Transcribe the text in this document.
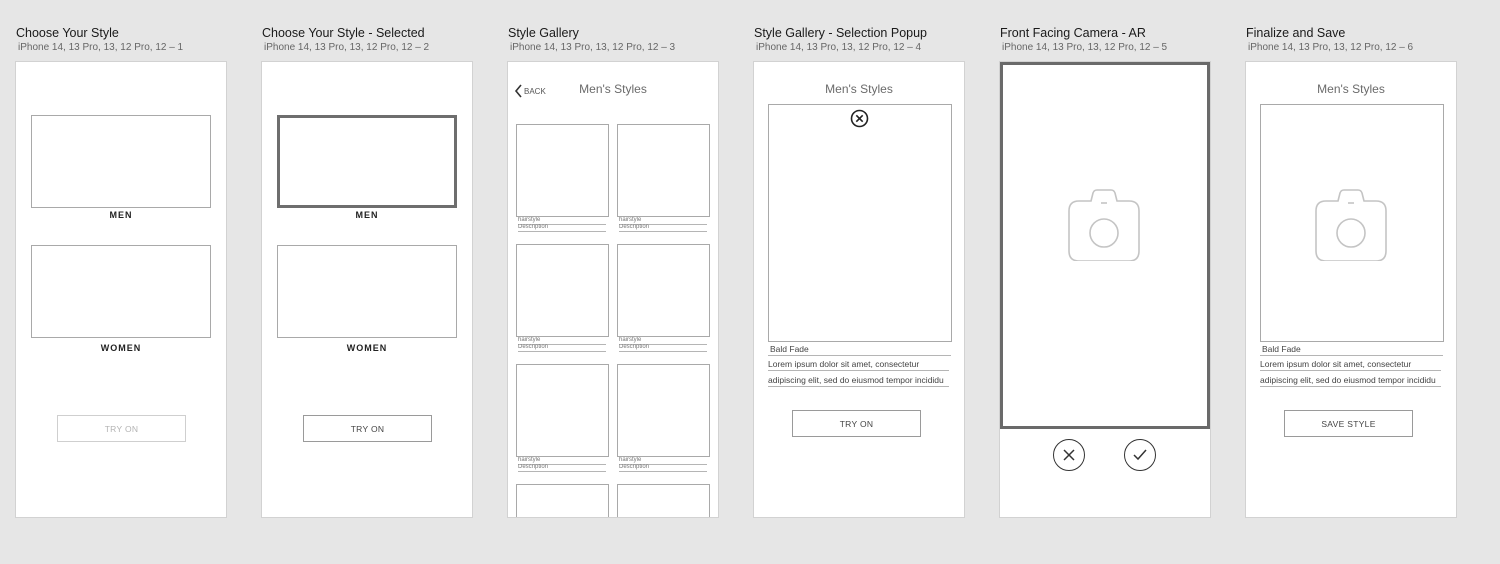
Choose Your Style
iPhone 14, 13 Pro, 13, 12 Pro, 12 – 1
MEN
WOMEN
TRY ON
Choose Your Style - Selected
iPhone 14, 13 Pro, 13, 12 Pro, 12 – 2
MEN
WOMEN
TRY ON
Style Gallery
iPhone 14, 13 Pro, 13, 12 Pro, 12 – 3
BACK	Men's Styles
hairstyle
Description
hairstyle
Description
hairstyle
Description
hairstyle
Description
hairstyle
Description
hairstyle
Description
Style Gallery - Selection Popup
iPhone 14, 13 Pro, 13, 12 Pro, 12 – 4
Men's Styles
Bald Fade
Lorem ipsum dolor sit amet, consectetur
adipiscing elit, sed do eiusmod tempor incididu
TRY ON
Front Facing Camera - AR
iPhone 14, 13 Pro, 13, 12 Pro, 12 – 5
Finalize and Save
iPhone 14, 13 Pro, 13, 12 Pro, 12 – 6
Men's Styles
Bald Fade
Lorem ipsum dolor sit amet, consectetur
adipiscing elit, sed do eiusmod tempor incididu
SAVE STYLE
